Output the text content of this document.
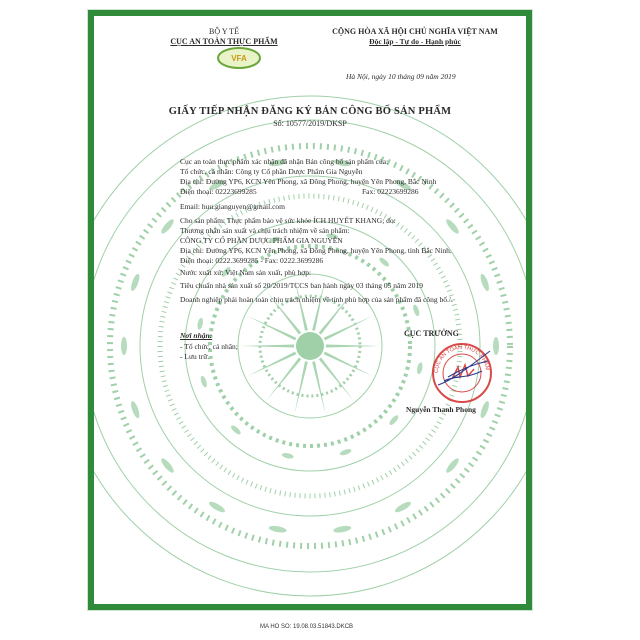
BỘ Y TẾ
CỤC AN TOÀN THỰC PHẨM
VFA
CỘNG HÒA XÃ HỘI CHỦ NGHĨA VIỆT NAM
Độc lập - Tự do - Hạnh phúc
Hà Nội, ngày 10 tháng 09 năm 2019
GIẤY TIẾP NHẬN ĐĂNG KÝ BẢN CÔNG BỐ SẢN PHẨM
Số: 10577/2019/DKSP
Cục an toàn thực phẩm xác nhận đã nhận Bản công bố sản phẩm của:
Tổ chức, cá nhân: Công ty Cổ phần Dược Phẩm Gia Nguyễn
Địa chỉ: Đường YP6, KCN Yên Phong, xã Đông Phong, huyện Yên Phong, Bắc Ninh
Điện thoại: 02223699285	Fax: 02223699286
Email: huu.gianguyen@gmail.com
Cho sản phẩm: Thực phẩm bảo vệ sức khỏe ÍCH HUYẾT KHANG; do:
Thương nhân sản xuất và chịu trách nhiệm về sản phẩm:
CÔNG TY CỔ PHẦN DƯỢC PHẨM GIA NGUYỄN
Địa chỉ: Đường YP6, KCN Yên Phong, xã Đông Phong, huyện Yên Phong, tỉnh Bắc Ninh.
Điện thoại: 0222.3699285 - Fax: 0222.3699286
Nước xuất xứ: Việt Nam sản xuất, phù hợp:
Tiêu chuẩn nhà sản xuất số 20/2019/TCCS ban hành ngày 03 tháng 05 năm 2019
Doanh nghiệp phải hoàn toàn chịu trách nhiệm về tính phù hợp của sản phẩm đã công bố./.
Nơi nhận:
- Tổ chức, cá nhân;
- Lưu trữ.
CỤC TRƯỞNG
CỤC AN TOÀN THỰC PHẨM
Nguyễn Thanh Phong
MA HO SO: 19.08.03.51843.DKCB
